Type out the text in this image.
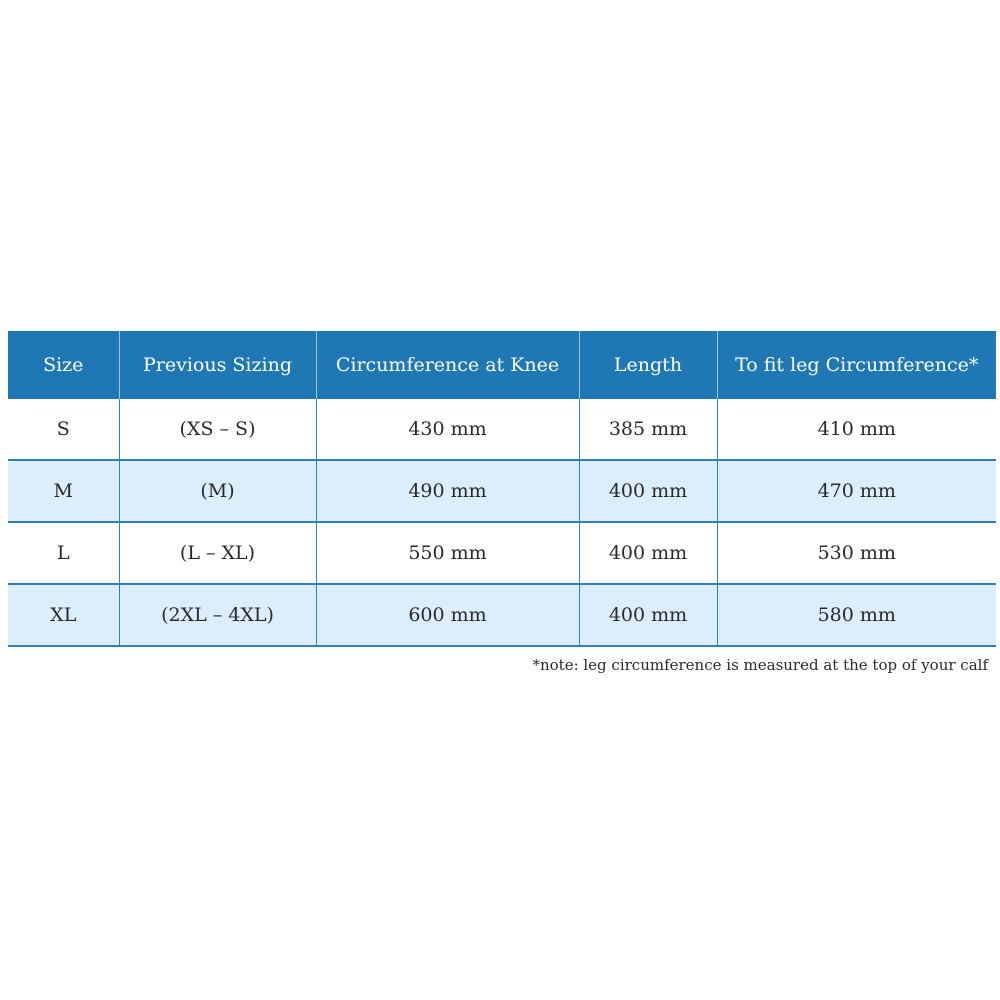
Size	Previous Sizing	Circumference at Knee	Length	To fit leg Circumference*
S	(XS – S)	430 mm	385 mm	410 mm
M	(M)	490 mm	400 mm	470 mm
L	(L – XL)	550 mm	400 mm	530 mm
XL	(2XL – 4XL)	600 mm	400 mm	580 mm
*note: leg circumference is measured at the top of your calf
